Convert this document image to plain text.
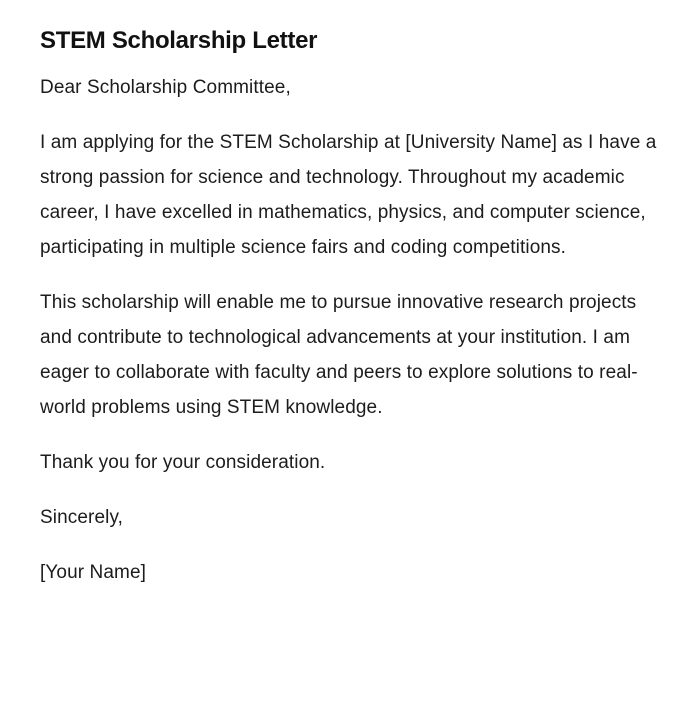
STEM Scholarship Letter

Dear Scholarship Committee,

I am applying for the STEM Scholarship at [University Name] as I have a strong passion for science and technology. Throughout my academic career, I have excelled in mathematics, physics, and computer science, participating in multiple science fairs and coding competitions.

This scholarship will enable me to pursue innovative research projects and contribute to technological advancements at your institution. I am eager to collaborate with faculty and peers to explore solutions to real-world problems using STEM knowledge.

Thank you for your consideration.

Sincerely,

[Your Name]
